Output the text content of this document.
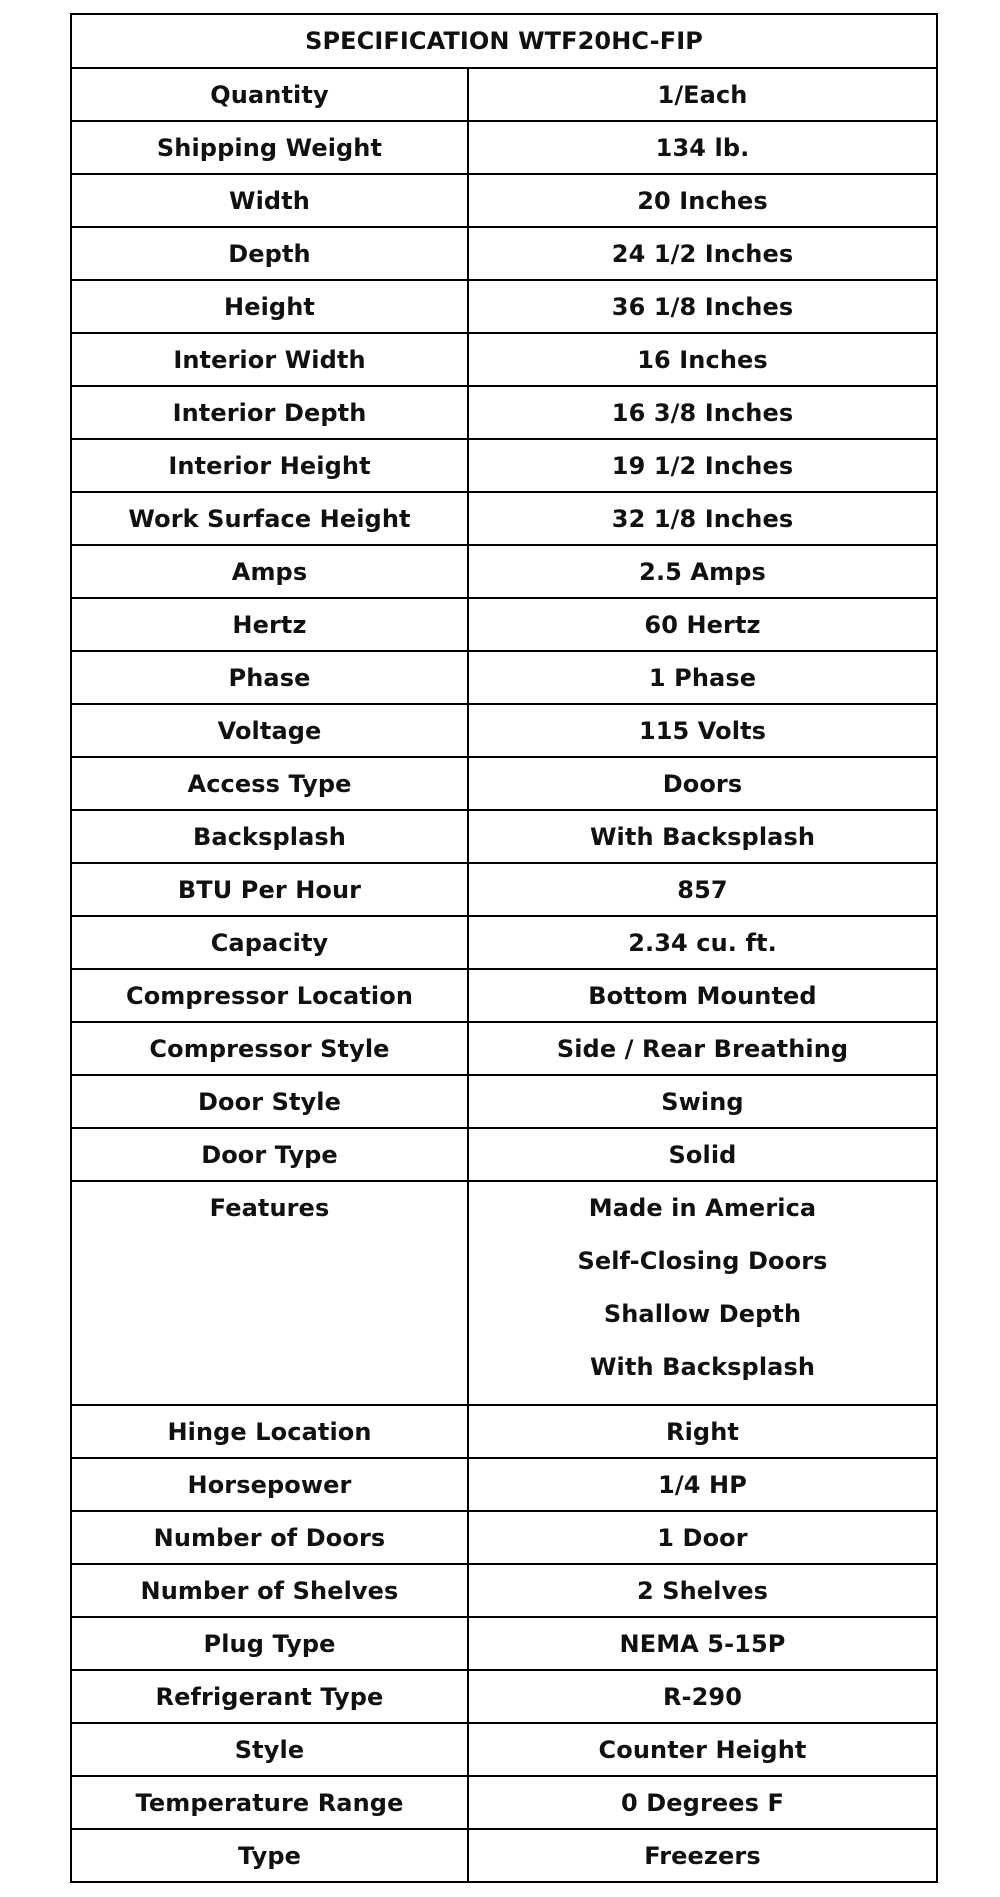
SPECIFICATION WTF20HC-FIP	
Quantity	1/Each
Shipping Weight	134 lb.
Width	20 Inches
Depth	24 1/2 Inches
Height	36 1/8 Inches
Interior Width	16 Inches
Interior Depth	16 3/8 Inches
Interior Height	19 1/2 Inches
Work Surface Height	32 1/8 Inches
Amps	2.5 Amps
Hertz	60 Hertz
Phase	1 Phase
Voltage	115 Volts
Access Type	Doors
Backsplash	With Backsplash
BTU Per Hour	857
Capacity	2.34 cu. ft.
Compressor Location	Bottom Mounted
Compressor Style	Side / Rear Breathing
Door Style	Swing
Door Type	Solid
Features	Made in America
Self-Closing Doors
Shallow Depth
With Backsplash

Hinge Location	Right
Horsepower	1/4 HP
Number of Doors	1 Door
Number of Shelves	2 Shelves
Plug Type	NEMA 5-15P
Refrigerant Type	R-290
Style	Counter Height
Temperature Range	0 Degrees F
Type	Freezers
